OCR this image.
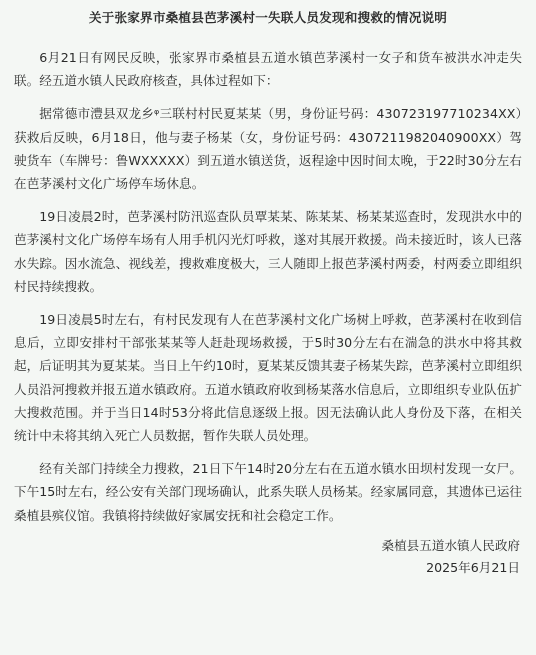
关于张家界市桑植县芭茅溪村一失联人员发现和搜救的情况说明

6月21日有网民反映，张家界市桑植县五道水镇芭茅溪村一女子和货车被洪水冲走失联。经五道水镇人民政府核查，具体过程如下：

据常德市澧县双龙乡ᵠ三联村村民夏某某（男，身份证号码：430723197710234XX）获救后反映，6月18日，他与妻子杨某（女，身份证号码：4307211982040900XX）驾驶货车（车牌号：鲁WXXXXX）到五道水镇送货，返程途中因时间太晚，于22时30分左右在芭茅溪村文化广场停车场休息。

19日凌晨2时，芭茅溪村防汛巡查队员覃某某、陈某某、杨某某巡查时，发现洪水中的芭茅溪村文化广场停车场有人用手机闪光灯呼救，遂对其展开救援。尚未接近时，该人已落水失踪。因水流急、视线差，搜救难度极大，三人随即上报芭茅溪村两委，村两委立即组织村民持续搜救。

19日凌晨5时左右，有村民发现有人在芭茅溪村文化广场树上呼救，芭茅溪村在收到信息后，立即安排村干部张某某等人赶赴现场救援，于5时30分左右在湍急的洪水中将其救起，后证明其为夏某某。当日上午约10时，夏某某反馈其妻子杨某失踪，芭茅溪村立即组织人员沿河搜救并报五道水镇政府。五道水镇政府收到杨某落水信息后，立即组织专业队伍扩大搜救范围。并于当日14时53分将此信息逐级上报。因无法确认此人身份及下落，在相关统计中未将其纳入死亡人员数据，暂作失联人员处理。

经有关部门持续全力搜救，21日下午14时20分左右在五道水镇水田坝村发现一女尸。下午15时左右，经公安有关部门现场确认，此系失联人员杨某。经家属同意，其遗体已运往桑植县殡仪馆。我镇将持续做好家属安抚和社会稳定工作。

桑植县五道水镇人民政府

2025年6月21日
